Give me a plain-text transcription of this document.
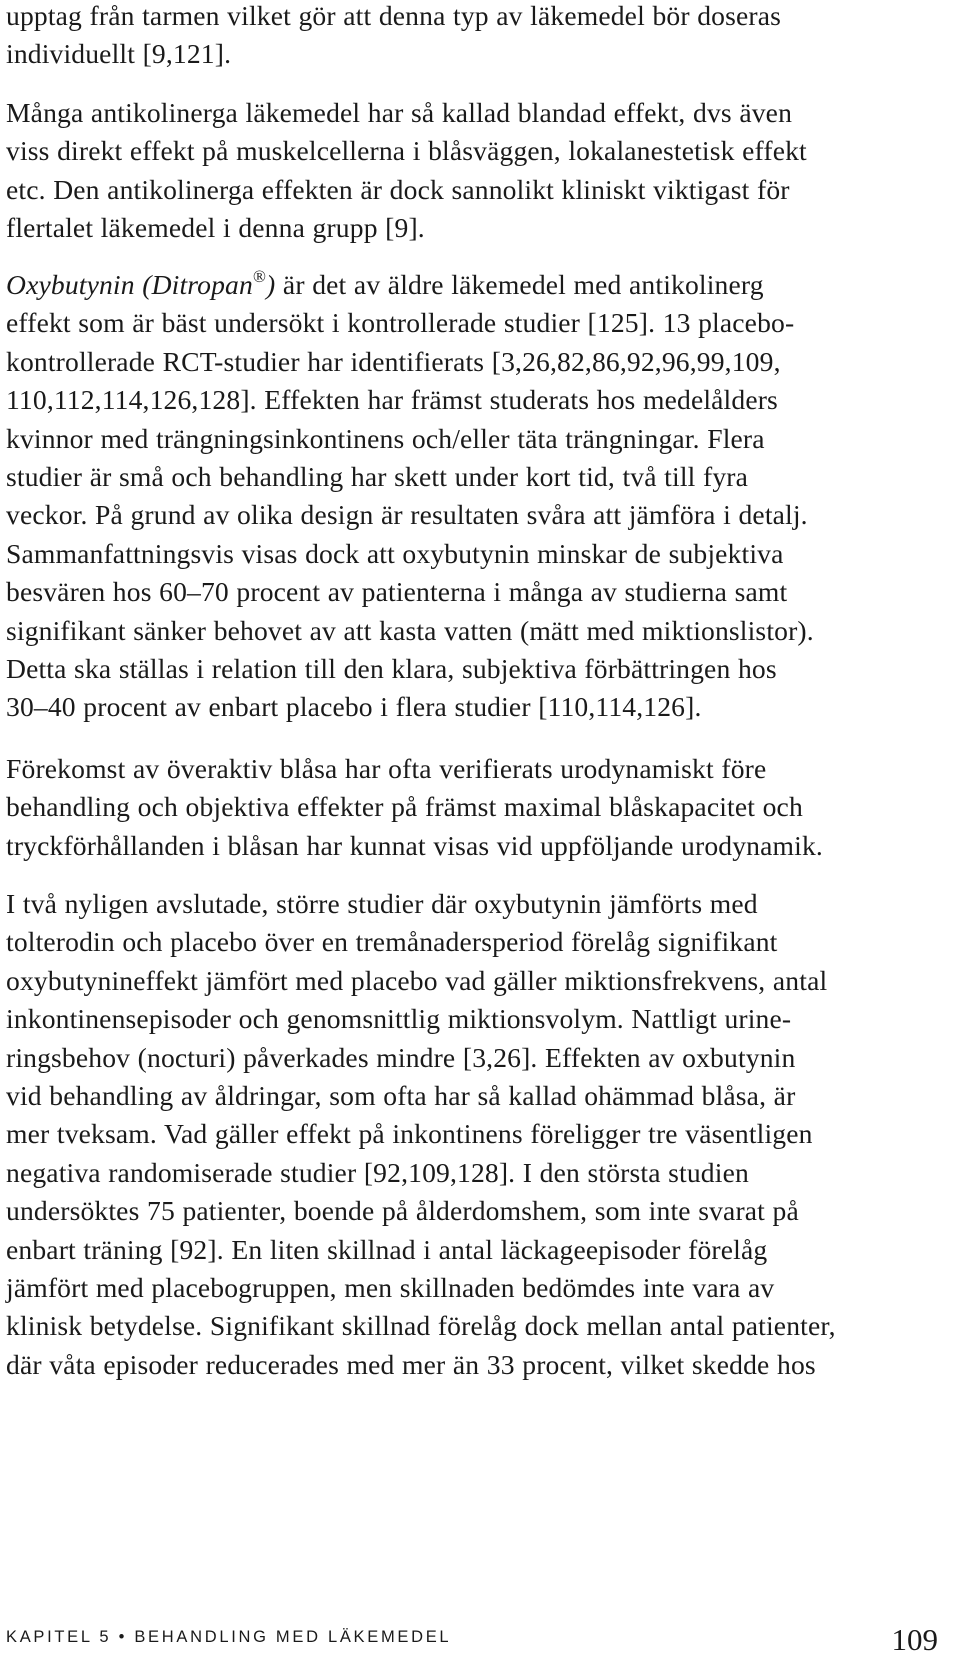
upptag från tarmen vilket gör att denna typ av läkemedel bör doseras
individuellt [9,121].

Många antikolinerga läkemedel har så kallad blandad effekt, dvs även
viss direkt effekt på muskelcellerna i blåsväggen, lokalanestetisk effekt
etc. Den antikolinerga effekten är dock sannolikt kliniskt viktigast för
flertalet läkemedel i denna grupp [9].

Oxybutynin (Ditropan®) är det av äldre läkemedel med antikolinerg
effekt som är bäst undersökt i kontrollerade studier [125]. 13 placebo-
kontrollerade RCT-studier har identifierats [3,26,82,86,92,96,99,109,
110,112,114,126,128]. Effekten har främst studerats hos medelålders
kvinnor med trängningsinkontinens och/eller täta trängningar. Flera
studier är små och behandling har skett under kort tid, två till fyra
veckor. På grund av olika design är resultaten svåra att jämföra i detalj.
Sammanfattningsvis visas dock att oxybutynin minskar de subjektiva
besvären hos 60–70 procent av patienterna i många av studierna samt
signifikant sänker behovet av att kasta vatten (mätt med miktionslistor).
Detta ska ställas i relation till den klara, subjektiva förbättringen hos
30–40 procent av enbart placebo i flera studier [110,114,126].

Förekomst av överaktiv blåsa har ofta verifierats urodynamiskt före
behandling och objektiva effekter på främst maximal blåskapacitet och
tryckförhållanden i blåsan har kunnat visas vid uppföljande urodynamik.

I två nyligen avslutade, större studier där oxybutynin jämförts med
tolterodin och placebo över en tremånadersperiod förelåg signifikant
oxybutynineffekt jämfört med placebo vad gäller miktionsfrekvens, antal
inkontinensepisoder och genomsnittlig miktionsvolym. Nattligt urine-
ringsbehov (nocturi) påverkades mindre [3,26]. Effekten av oxbutynin
vid behandling av åldringar, som ofta har så kallad ohämmad blåsa, är
mer tveksam. Vad gäller effekt på inkontinens föreligger tre väsentligen
negativa randomiserade studier [92,109,128]. I den största studien
undersöktes 75 patienter, boende på ålderdomshem, som inte svarat på
enbart träning [92]. En liten skillnad i antal läckageepisoder förelåg
jämfört med placebogruppen, men skillnaden bedömdes inte vara av
klinisk betydelse. Signifikant skillnad förelåg dock mellan antal patienter,
där våta episoder reducerades med mer än 33 procent, vilket skedde hos

KAPITEL 5 • BEHANDLING MED LÄKEMEDEL	109
